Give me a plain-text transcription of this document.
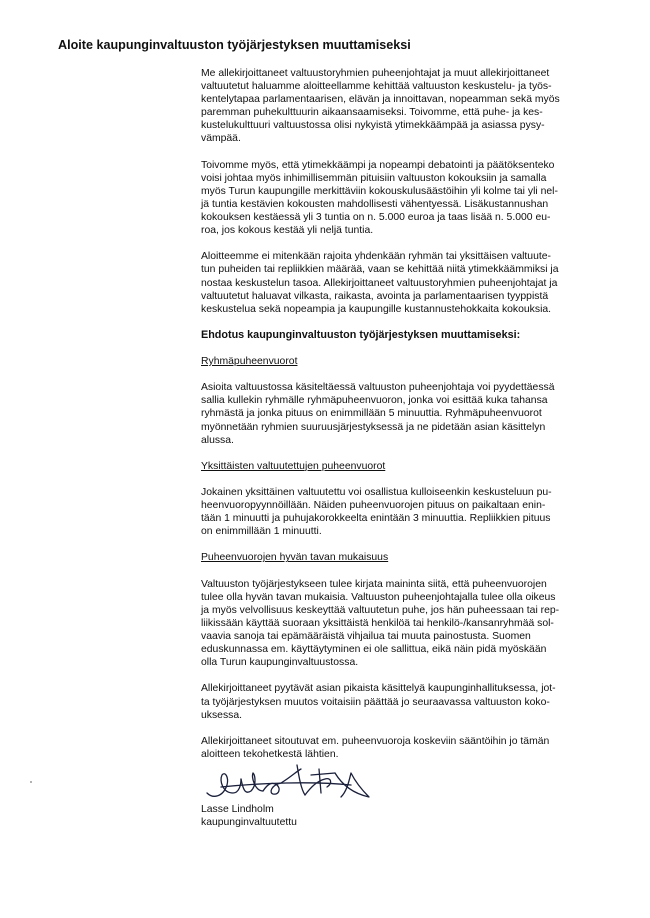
Aloite kaupunginvaltuuston työjärjestyksen muuttamiseksi

Me allekirjoittaneet valtuustoryhmien puheenjohtajat ja muut allekirjoittaneet

valtuutetut haluamme aloitteellamme kehittää valtuuston keskustelu- ja työs-

kentelytapaa parlamentaarisen, elävän ja innoittavan, nopeamman sekä myös

paremman puhekulttuurin aikaansaamiseksi. Toivomme, että puhe- ja kes-

kustelukulttuuri valtuustossa olisi nykyistä ytimekkäämpää ja asiassa pysy-

vämpää.

Toivomme myös, että ytimekkäämpi ja nopeampi debatointi ja päätöksenteko

voisi johtaa myös inhimillisemmän pituisiin valtuuston kokouksiin ja samalla

myös Turun kaupungille merkittäviin kokouskulusäästöihin yli kolme tai yli nel-

jä tuntia kestävien kokousten mahdollisesti vähentyessä. Lisäkustannushan

kokouksen kestäessä yli 3 tuntia on n. 5.000 euroa ja taas lisää n. 5.000 eu-

roa, jos kokous kestää yli neljä tuntia.

Aloitteemme ei mitenkään rajoita yhdenkään ryhmän tai yksittäisen valtuute-

tun puheiden tai repliikkien määrää, vaan se kehittää niitä ytimekkäämmiksi ja

nostaa keskustelun tasoa. Allekirjoittaneet valtuustoryhmien puheenjohtajat ja

valtuutetut haluavat vilkasta, raikasta, avointa ja parlamentaarisen tyyppistä

keskustelua sekä nopeampia ja kaupungille kustannustehokkaita kokouksia.

Ehdotus kaupunginvaltuuston työjärjestyksen muuttamiseksi:

Ryhmäpuheenvuorot

Asioita valtuustossa käsiteltäessä valtuuston puheenjohtaja voi pyydettäessä

sallia kullekin ryhmälle ryhmäpuheenvuoron, jonka voi esittää kuka tahansa

ryhmästä ja jonka pituus on enimmillään 5 minuuttia. Ryhmäpuheenvuorot

myönnetään ryhmien suuruusjärjestyksessä ja ne pidetään asian käsittelyn

alussa.

Yksittäisten valtuutettujen puheenvuorot

Jokainen yksittäinen valtuutettu voi osallistua kulloiseenkin keskusteluun pu-

heenvuoropyynnöillään. Näiden puheenvuorojen pituus on paikaltaan enin-

tään 1 minuutti ja puhujakorokkeelta enintään 3 minuuttia. Repliikkien pituus

on enimmillään 1 minuutti.

Puheenvuorojen hyvän tavan mukaisuus

Valtuuston työjärjestykseen tulee kirjata maininta siitä, että puheenvuorojen

tulee olla hyvän tavan mukaisia. Valtuuston puheenjohtajalla tulee olla oikeus

ja myös velvollisuus keskeyttää valtuutetun puhe, jos hän puheessaan tai rep-

liikissään käyttää suoraan yksittäistä henkilöä tai henkilö-/kansanryhmää sol-

vaavia sanoja tai epämääräistä vihjailua tai muuta painostusta. Suomen

eduskunnassa em. käyttäytyminen ei ole sallittua, eikä näin pidä myöskään

olla Turun kaupunginvaltuustossa.

Allekirjoittaneet pyytävät asian pikaista käsittelyä kaupunginhallituksessa, jot-

ta työjärjestyksen muutos voitaisiin päättää jo seuraavassa valtuuston koko-

uksessa.

Allekirjoittaneet sitoutuvat em. puheenvuoroja koskeviin sääntöihin jo tämän

aloitteen tekohetkestä lähtien.

Lasse Lindholm

kaupunginvaltuutettu
